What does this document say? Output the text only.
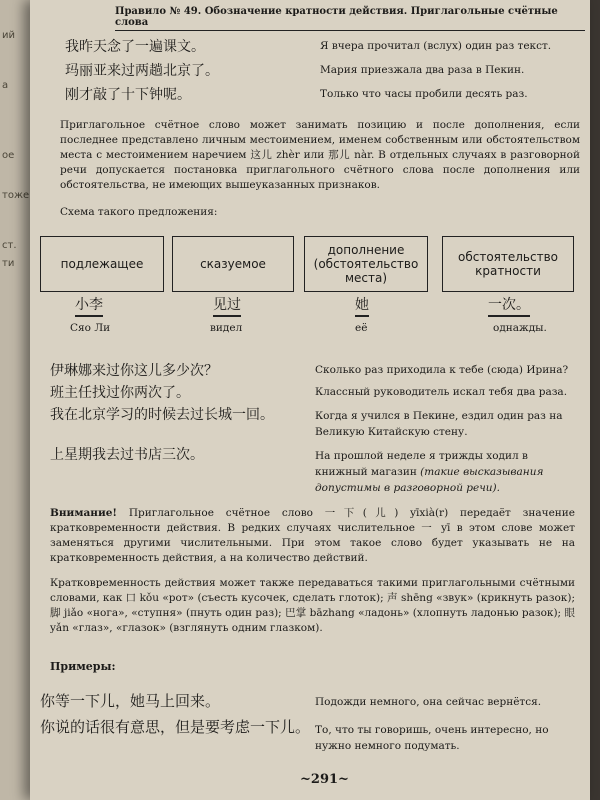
ий
а
ое
тоже
ст.
ти
Правило № 49. Обозначение кратности действия. Приглагольные счётные слова
我昨天念了一遍课文。	Я вчера прочитал (вслух) один раз текст.
玛丽亚来过两趟北京了。	Мария приезжала два раза в Пекин.
刚才敲了十下钟呢。	Только что часы пробили десять раз.
Приглагольное счётное слово может занимать позицию и после дополнения, если последнее представлено личным местоимением, именем собственным или обстоятельством места с местоимением наречием 这儿 zhèr или 那儿 nàr. В отдельных случаях в разговорной речи допускается постановка приглагольного счётного слова после дополнения или обстоятельства, не имеющих вышеуказанных признаков.
Схема такого предложения:
подлежащее	сказуемое
дополнение (обстоятельство места)
обстоятельство кратности
小李	见过	她	一次。
Сяо Ли	видел	её	однажды.
伊琳娜来过你这儿多少次？	Сколько раз приходила к тебе (сюда) Ирина?
班主任找过你两次了。	Классный руководитель искал тебя два раза.
我在北京学习的时候去过长城一回。	Когда я учился в Пекине, ездил один раз на Великую Китайскую стену.
上星期我去过书店三次。	На прошлой неделе я трижды ходил в книжный магазин (такие высказывания допустимы в разговорной речи).
Внимание! Приглагольное счётное слово 一下(儿) yīxià(r) передаёт значение кратковременности действия. В редких случаях числительное 一 yī в этом слове может заменяться другими числительными. При этом такое слово будет указывать не на кратковременность действия, а на количество действий.
Кратковременность действия может также передаваться такими приглагольными счётными словами, как 口 kǒu «рот» (съесть кусочек, сделать глоток); 声 shēng «звук» (крикнуть разок); 脚 jiǎo «нога», «ступня» (пнуть один раз); 巴掌 bāzhang «ладонь» (хлопнуть ладонью разок); 眼 yǎn «глаз», «глазок» (взглянуть одним глазком).
Примеры:
你等一下儿，她马上回来。	Подожди немного, она сейчас вернётся.
你说的话很有意思，但是要考虑一下儿。 То, что ты говоришь, очень интересно, но нужно немного подумать.
~291~
